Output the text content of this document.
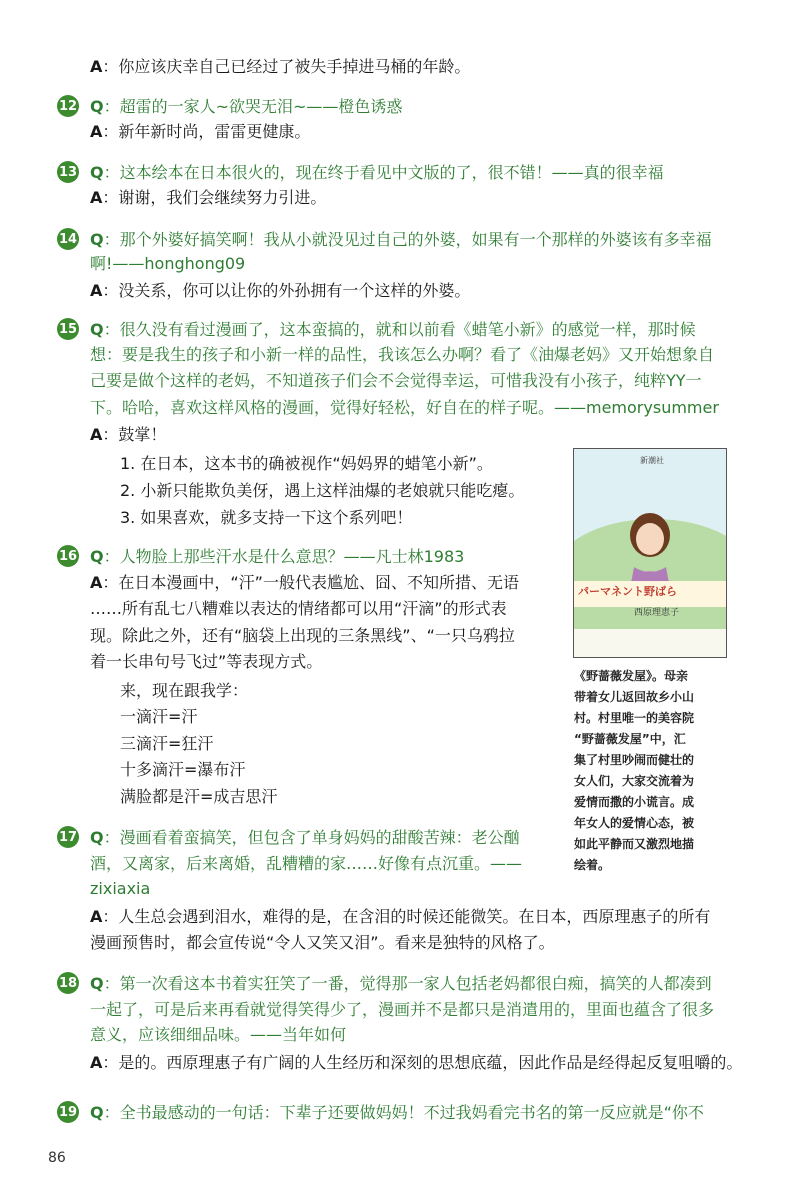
A：你应该庆幸自己已经过了被失手掉进马桶的年龄。
12 Q：超雷的一家人~欲哭无泪~——橙色诱惑
A：新年新时尚，雷雷更健康。
13 Q：这本绘本在日本很火的，现在终于看见中文版的了，很不错！——真的很幸福
A：谢谢，我们会继续努力引进。
14 Q：那个外婆好搞笑啊！我从小就没见过自己的外婆，如果有一个那样的外婆该有多幸福
啊!——honghong09
A：没关系，你可以让你的外孙拥有一个这样的外婆。
15 Q：很久没有看过漫画了，这本蛮搞的，就和以前看《蜡笔小新》的感觉一样，那时候
想：要是我生的孩子和小新一样的品性，我该怎么办啊？看了《油爆老妈》又开始想象自
己要是做个这样的老妈，不知道孩子们会不会觉得幸运，可惜我没有小孩子，纯粹YY一
下。哈哈，喜欢这样风格的漫画，觉得好轻松，好自在的样子呢。——memorysummer
A：鼓掌！
1. 在日本，这本书的确被视作“妈妈界的蜡笔小新”。
2. 小新只能欺负美伢，遇上这样油爆的老娘就只能吃瘪。
3. 如果喜欢，就多支持一下这个系列吧！
16 Q：人物脸上那些汗水是什么意思？——凡士林1983
A：在日本漫画中，“汗”一般代表尴尬、囧、不知所措、无语
……所有乱七八糟难以表达的情绪都可以用“汗滴”的形式表
现。除此之外，还有“脑袋上出现的三条黑线”、“一只乌鸦拉
着一长串句号飞过”等表现方式。
来，现在跟我学：
一滴汗=汗
三滴汗=狂汗
十多滴汗=瀑布汗
满脸都是汗=成吉思汗
17 Q：漫画看着蛮搞笑，但包含了单身妈妈的甜酸苦辣：老公酗
酒，又离家，后来离婚，乱糟糟的家……好像有点沉重。——
zixiaxia
A：人生总会遇到泪水，难得的是，在含泪的时候还能微笑。在日本，西原理惠子的所有
漫画预售时，都会宣传说“令人又笑又泪”。看来是独特的风格了。
18 Q：第一次看这本书着实狂笑了一番，觉得那一家人包括老妈都很白痴，搞笑的人都凑到
一起了，可是后来再看就觉得笑得少了，漫画并不是都只是消遣用的，里面也蕴含了很多
意义，应该细细品味。——当年如何
A：是的。西原理惠子有广阔的人生经历和深刻的思想底蕴，因此作品是经得起反复咀嚼的。
19 Q：全书最感动的一句话：下辈子还要做妈妈！不过我妈看完书名的第一反应就是“你不
新潮社
パーマネント野ばら
西原理恵子
《野蔷薇发屋》。母亲
带着女儿返回故乡小山
村。村里唯一的美容院
“野蔷薇发屋”中，汇
集了村里吵闹而健壮的
女人们，大家交流着为
爱情而撒的小谎言。成
年女人的爱情心态，被
如此平静而又激烈地描
绘着。
86
